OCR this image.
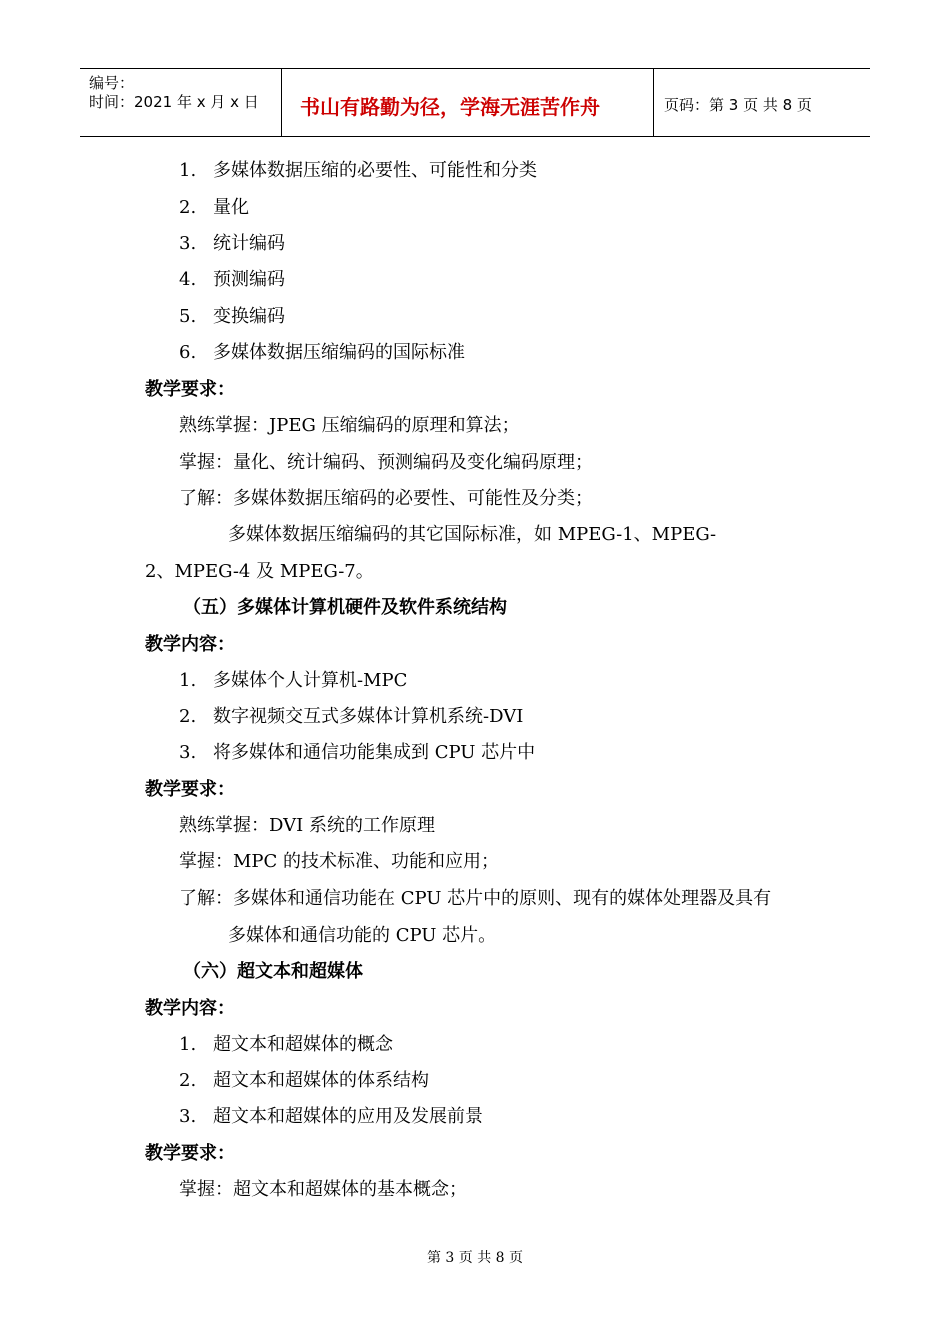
编号：
时间：2021 年 x 月 x 日 书山有路勤为径，学海无涯苦作舟	页码：第 3 页 共 8 页
1. 多媒体数据压缩的必要性、可能性和分类
2. 量化
3. 统计编码
4. 预测编码
5. 变换编码
6. 多媒体数据压缩编码的国际标准
教学要求：
熟练掌握：JPEG 压缩编码的原理和算法；
掌握：量化、统计编码、预测编码及变化编码原理；
了解：多媒体数据压缩码的必要性、可能性及分类；
多媒体数据压缩编码的其它国际标准，如 MPEG-1、MPEG-
2、MPEG-4 及 MPEG-7。
（五）多媒体计算机硬件及软件系统结构
教学内容：
1. 多媒体个人计算机-MPC
2. 数字视频交互式多媒体计算机系统-DVI
3. 将多媒体和通信功能集成到 CPU 芯片中
教学要求：
熟练掌握：DVI 系统的工作原理
掌握：MPC 的技术标准、功能和应用；
了解：多媒体和通信功能在 CPU 芯片中的原则、现有的媒体处理器及具有
多媒体和通信功能的 CPU 芯片。
（六）超文本和超媒体
教学内容：
1. 超文本和超媒体的概念
2. 超文本和超媒体的体系结构
3. 超文本和超媒体的应用及发展前景
教学要求：
掌握：超文本和超媒体的基本概念；
第 3 页 共 8 页
